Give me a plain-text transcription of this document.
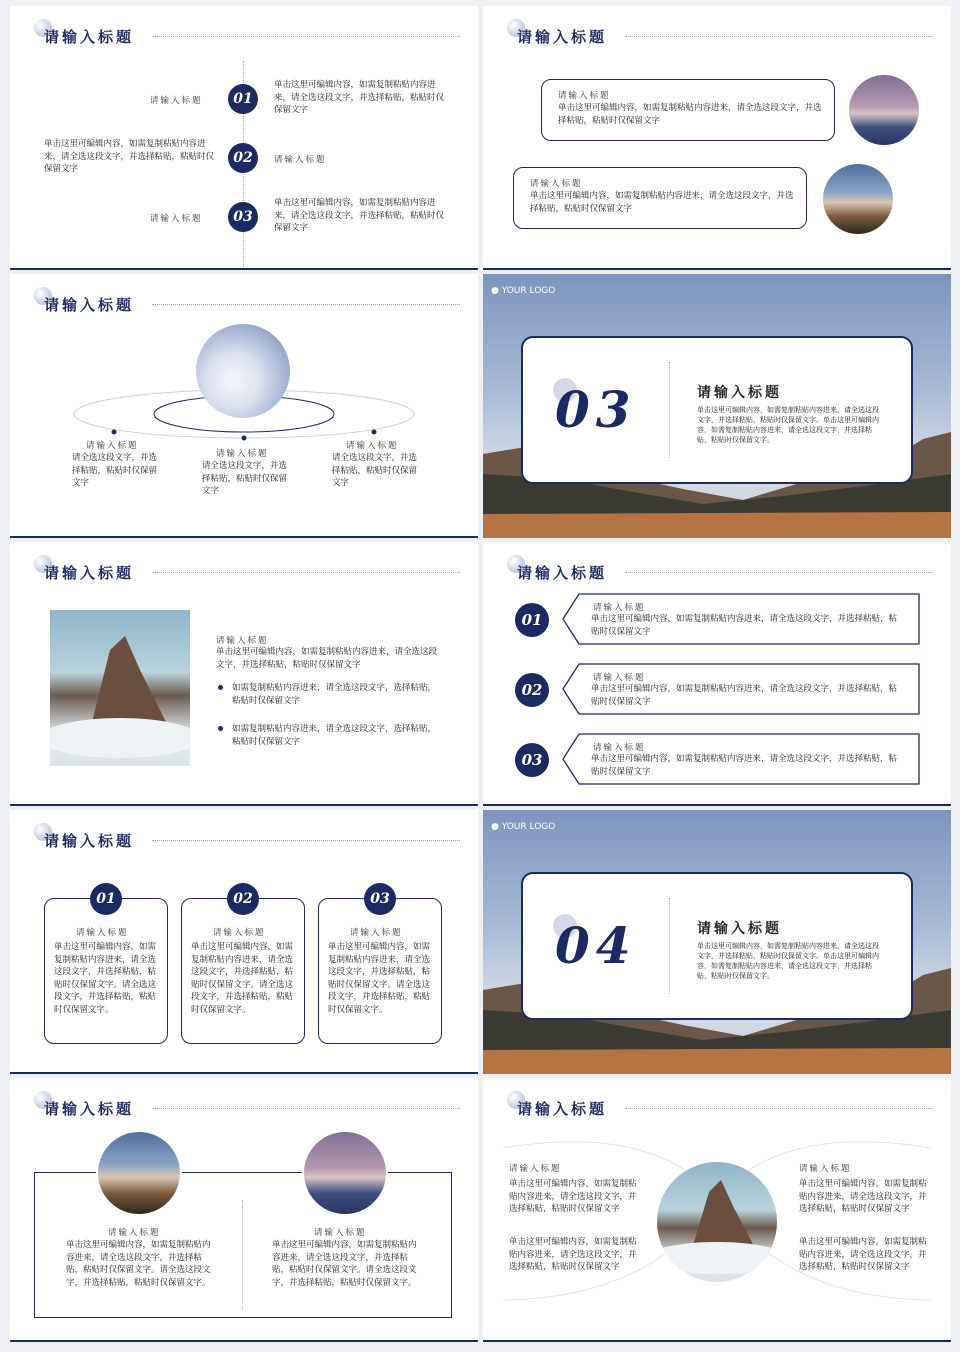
请输入标题
01
请输入标题
单击这里可编辑内容，如需复制粘贴内容进来，请全选这段文字，并选择粘贴，粘贴时仅保留文字
02
单击这里可编辑内容，如需复制粘贴内容进来，请全选这段文字，并选择粘贴，粘贴时仅保留文字
请输入标题
03
请输入标题
单击这里可编辑内容，如需复制粘贴内容进来，请全选这段文字，并选择粘贴，粘贴时仅保留文字
请输入标题
请输入标题
单击这里可编辑内容，如需复制粘贴内容进来，请全选这段文字，并选择粘贴，粘贴时仅保留文字
请输入标题
单击这里可编辑内容，如需复制粘贴内容进来，请全选这段文字，并选择粘贴，粘贴时仅保留文字
请输入标题
请输入标题
请全选这段文字，并选择粘贴，粘贴时仅保留文字
请输入标题
请全选这段文字，并选择粘贴，粘贴时仅保留文字
请输入标题
请全选这段文字，并选择粘贴，粘贴时仅保留文字
● YOUR LOGO
03	请输入标题
单击这里可编辑内容，如需复制粘贴内容进来，请全选这段文字，并选择粘贴，粘贴时仅保留文字。单击这里可编辑内容，如需复制粘贴内容进来，请全选这段文字，并选择粘贴，粘贴时仅保留文字。
请输入标题
请输入标题
单击这里可编辑内容，如需复制粘贴内容进来，请全选这段文字，并选择粘贴，粘贴时仅保留文字
如需复制粘贴内容进来，请全选这段文字，选择粘贴，粘贴时仅保留文字
如需复制粘贴内容进来，请全选这段文字，选择粘贴，粘贴时仅保留文字
请输入标题
01
请输入标题
单击这里可编辑内容，如需复制粘贴内容进来，请全选这段文字，并选择粘贴，粘贴时仅保留文字
02
请输入标题
单击这里可编辑内容，如需复制粘贴内容进来，请全选这段文字，并选择粘贴，粘贴时仅保留文字
03
请输入标题
单击这里可编辑内容，如需复制粘贴内容进来，请全选这段文字，并选择粘贴，粘贴时仅保留文字
请输入标题
01
请输入标题
单击这里可编辑内容，如需复制粘贴内容进来，请全选这段文字，并选择粘贴，粘贴时仅保留文字。请全选这段文字，并选择粘贴，粘贴时仅保留文字。
02
请输入标题
单击这里可编辑内容，如需复制粘贴内容进来，请全选这段文字，并选择粘贴，粘贴时仅保留文字。请全选这段文字，并选择粘贴，粘贴时仅保留文字。
03
请输入标题
单击这里可编辑内容，如需复制粘贴内容进来，请全选这段文字，并选择粘贴，粘贴时仅保留文字。请全选这段文字，并选择粘贴，粘贴时仅保留文字。
● YOUR LOGO
04	请输入标题
单击这里可编辑内容，如需复制粘贴内容进来，请全选这段文字，并选择粘贴，粘贴时仅保留文字。单击这里可编辑内容，如需复制粘贴内容进来，请全选这段文字，并选择粘贴，粘贴时仅保留文字。
请输入标题
请输入标题
单击这里可编辑内容，如需复制粘贴内容进来，请全选这段文字，并选择粘贴，粘贴时仅保留文字。请全选这段文字，并选择粘贴，粘贴时仅保留文字。
请输入标题
单击这里可编辑内容，如需复制粘贴内容进来，请全选这段文字，并选择粘贴，粘贴时仅保留文字。请全选这段文字，并选择粘贴，粘贴时仅保留文字。
请输入标题
请输入标题
单击这里可编辑内容，如需复制粘贴内容进来，请全选这段文字，并选择粘贴，粘贴时仅保留文字
单击这里可编辑内容，如需复制粘贴内容进来，请全选这段文字，并选择粘贴，粘贴时仅保留文字
请输入标题
单击这里可编辑内容，如需复制粘贴内容进来，请全选这段文字，并选择粘贴，粘贴时仅保留文字
单击这里可编辑内容，如需复制粘贴内容进来，请全选这段文字，并选择粘贴，粘贴时仅保留文字
